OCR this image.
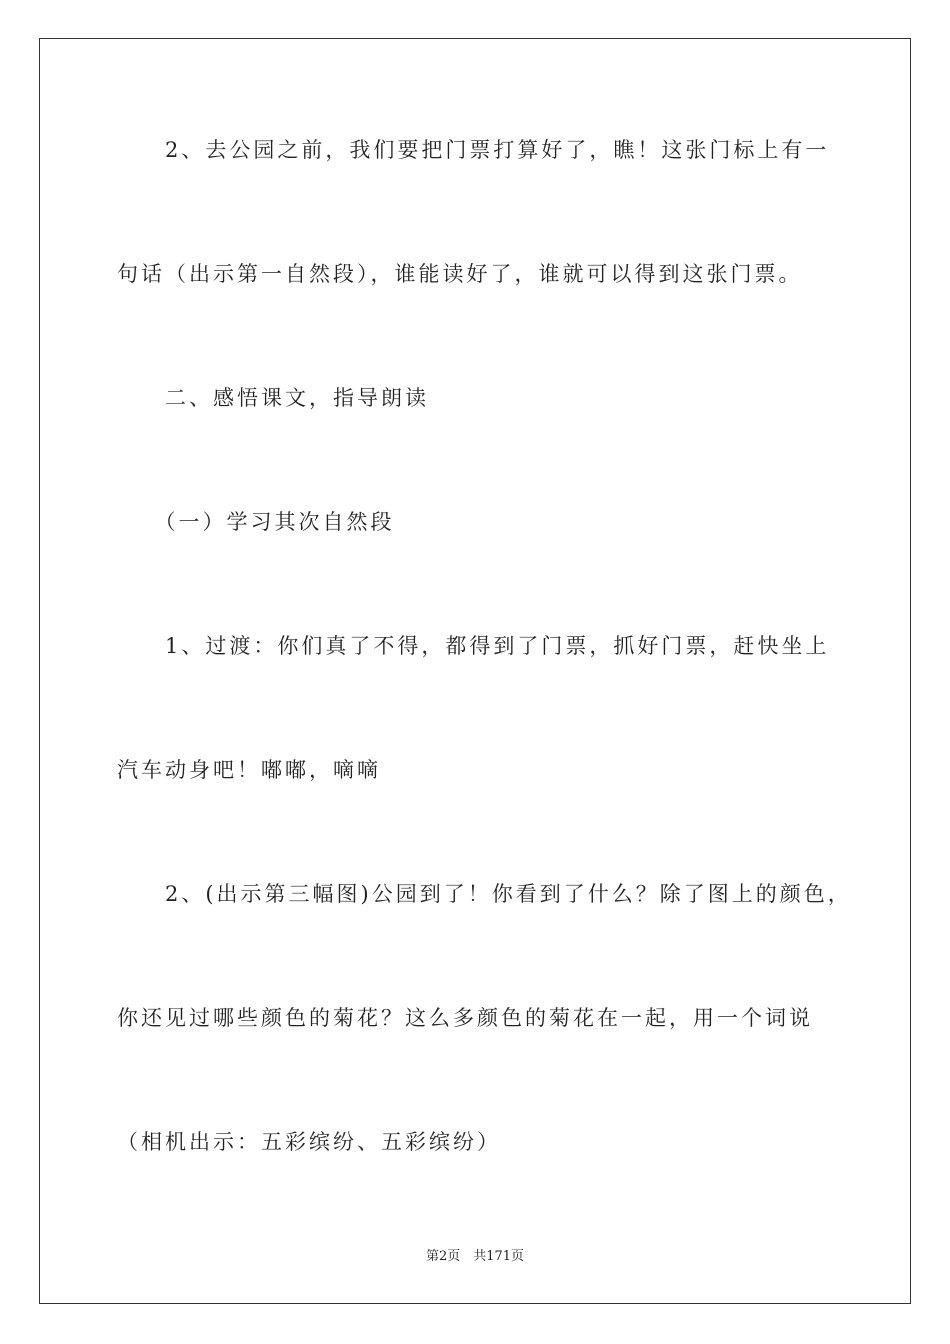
　　2、去公园之前，我们要把门票打算好了，瞧！这张门标上有一
句话（出示第一自然段），谁能读好了，谁就可以得到这张门票。
　　二、感悟课文，指导朗读
　　（一）学习其次自然段
　　1、过渡：你们真了不得，都得到了门票，抓好门票，赶快坐上
汽车动身吧！嘟嘟，嘀嘀
　　2、(出示第三幅图)公园到了！你看到了什么？除了图上的颜色，
你还见过哪些颜色的菊花？这么多颜色的菊花在一起，用一个词说
（相机出示：五彩缤纷、五彩缤纷）
第2页　共171页
